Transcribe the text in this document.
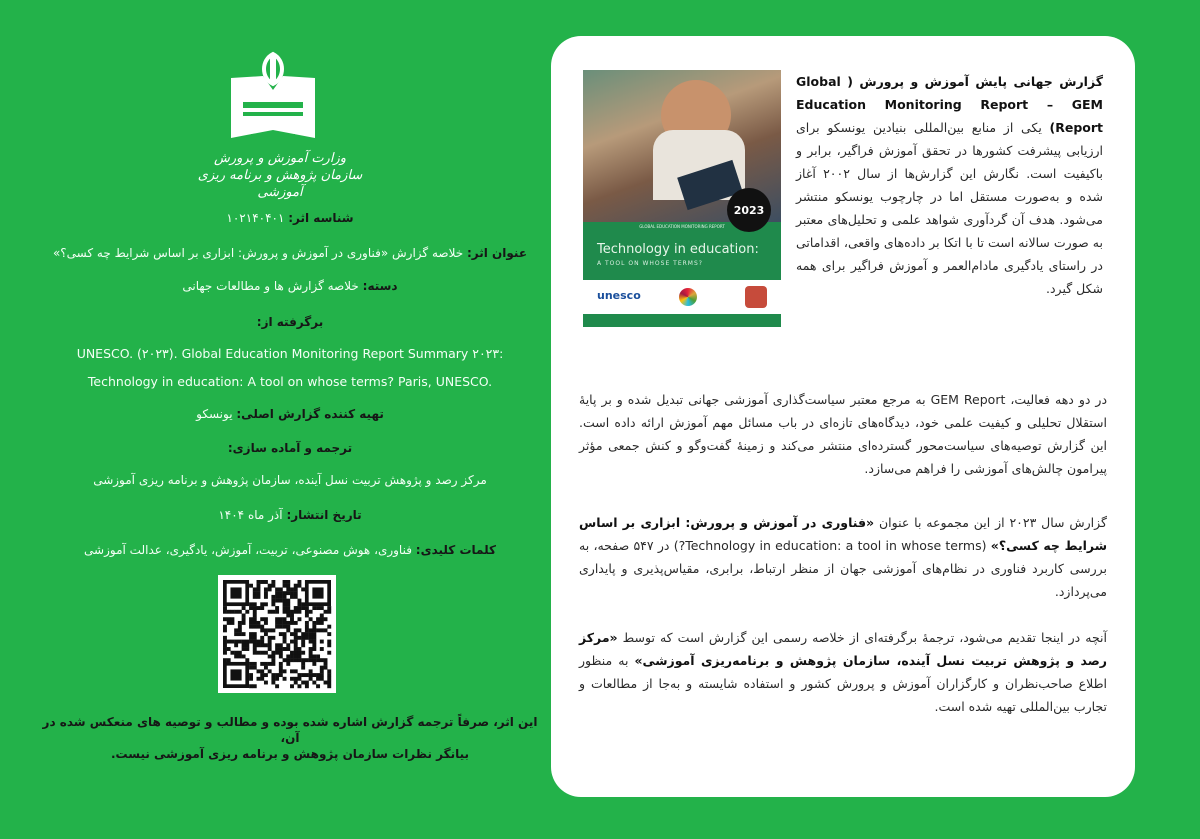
وزارت آموزش و پرورش
سازمان پژوهش و برنامه ریزی آموزشی
شناسه اثر: ۱۰۲۱۴۰۴۰۱
عنوان اثر: خلاصه گزارش «فناوری در آموزش و پرورش: ابزاری بر اساس شرایط چه کسی؟»
دسته: خلاصه گزارش ها و مطالعات جهانی
برگرفته از:
UNESCO. (۲۰۲۳). Global Education Monitoring Report Summary ۲۰۲۳:
Technology in education: A tool on whose terms? Paris, UNESCO.
تهیه کننده گزارش اصلی: یونسکو
ترجمه و آماده سازی:
مرکز رصد و پژوهش تربیت نسل آینده، سازمان پژوهش و برنامه ریزی آموزشی
تاریخ انتشار: آذر ماه ۱۴۰۴
کلمات کلیدی: فناوری، هوش مصنوعی، تربیت، آموزش، یادگیری، عدالت آموزشی
این اثر، صرفاً ترجمه گزارش اشاره شده بوده و مطالب و توصیه های منعکس شده در آن،
بیانگر نظرات سازمان پژوهش و برنامه ریزی آموزشی نیست.
2023
GLOBAL EDUCATION MONITORING REPORT
Technology in education:
A TOOL ON WHOSE TERMS?
unesco
گزارش جهانی پایش آموزش و پرورش ( Global Education Monitoring Report – GEM Report) یکی از منابع بین‌المللی بنیادین یونسکو برای ارزیابی پیشرفت کشورها در تحقق آموزش فراگیر، برابر و باکیفیت است. نگارش این گزارش‌ها از سال ۲۰۰۲ آغاز شده و به‌صورت مستقل اما در چارچوب یونسکو منتشر می‌شود. هدف آن گردآوری شواهد علمی و تحلیل‌های معتبر به صورت سالانه است تا با اتکا بر داده‌های واقعی، اقداماتی در راستای یادگیری مادام‌العمر و آموزش فراگیر برای همه شکل گیرد.
در دو دهه فعالیت، GEM Report به مرجع معتبر سیاست‌گذاری آموزشی جهانی تبدیل شده و بر پایهٔ استقلال تحلیلی و کیفیت علمی خود، دیدگاه‌های تازه‌ای در باب مسائل مهم آموزش ارائه داده است. این گزارش توصیه‌های سیاست‌محور گسترده‌ای منتشر می‌کند و زمینهٔ گفت‌وگو و کنش جمعی مؤثر پیرامون چالش‌های آموزشی را فراهم می‌سازد.
گزارش سال ۲۰۲۳ از این مجموعه با عنوان «فناوری در آموزش و پرورش: ابزاری بر اساس شرایط چه کسی؟» (Technology in education: a tool in whose terms?) در ۵۴۷ صفحه، به بررسی کاربرد فناوری در نظام‌های آموزشی جهان از منظر ارتباط، برابری، مقیاس‌پذیری و پایداری می‌پردازد.
آنچه در اینجا تقدیم می‌شود، ترجمهٔ برگرفته‌ای از خلاصه رسمی این گزارش است که توسط «مرکز رصد و پژوهش تربیت نسل آینده، سازمان پژوهش و برنامه‌ریزی آموزشی» به منظور اطلاع صاحب‌نظران و کارگزاران آموزش و پرورش کشور و استفاده شایسته و به‌جا از مطالعات و تجارب بین‌المللی تهیه شده است.
